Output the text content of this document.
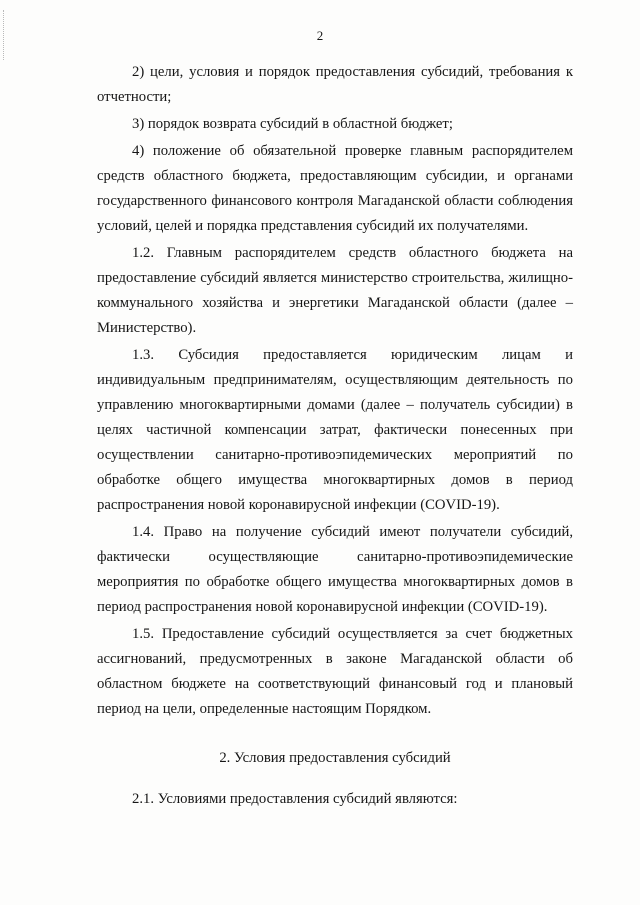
2

2) цели, условия и порядок предоставления субсидий, требования к отчетности;

3) порядок возврата субсидий в областной бюджет;

4) положение об обязательной проверке главным распорядителем средств областного бюджета, предоставляющим субсидии, и органами государственного финансового контроля Магаданской области соблюдения условий, целей и порядка представления субсидий их получателями.

1.2. Главным распорядителем средств областного бюджета на предоставление субсидий является министерство строительства, жилищно-коммунального хозяйства и энергетики Магаданской области (далее – Министерство).

1.3. Субсидия предоставляется юридическим лицам и индивидуальным предпринимателям, осуществляющим деятельность по управлению многоквартирными домами (далее – получатель субсидии) в целях частичной компенсации затрат, фактически понесенных при осуществлении санитарно-противоэпидемических мероприятий по обработке общего имущества многоквартирных домов в период распространения новой коронавирусной инфекции (COVID-19).

1.4. Право на получение субсидий имеют получатели субсидий, фактически осуществляющие санитарно-противоэпидемические мероприятия по обработке общего имущества многоквартирных домов в период распространения новой коронавирусной инфекции (COVID-19).

1.5. Предоставление субсидий осуществляется за счет бюджетных ассигнований, предусмотренных в законе Магаданской области об областном бюджете на соответствующий финансовый год и плановый период на цели, определенные настоящим Порядком.

2. Условия предоставления субсидий

2.1. Условиями предоставления субсидий являются:
